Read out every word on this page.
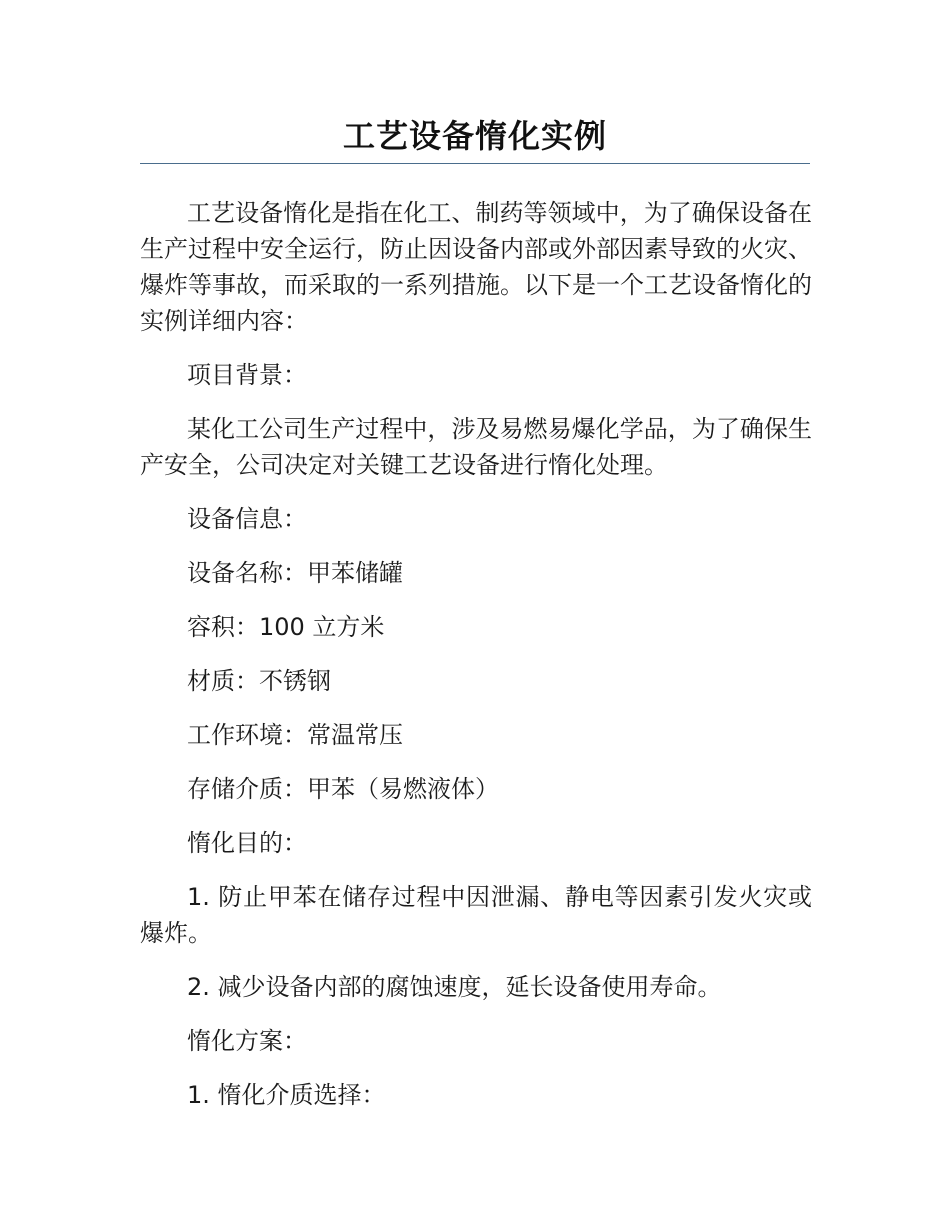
工艺设备惰化实例

工艺设备惰化是指在化工、制药等领域中，为了确保设备在生产过程中安全运行，防止因设备内部或外部因素导致的火灾、爆炸等事故，而采取的一系列措施。以下是一个工艺设备惰化的实例详细内容：

项目背景：

某化工公司生产过程中，涉及易燃易爆化学品，为了确保生产安全，公司决定对关键工艺设备进行惰化处理。

设备信息：

设备名称：甲苯储罐

容积：100 立方米

材质：不锈钢

工作环境：常温常压

存储介质：甲苯（易燃液体）

惰化目的：

1. 防止甲苯在储存过程中因泄漏、静电等因素引发火灾或爆炸。

2. 减少设备内部的腐蚀速度，延长设备使用寿命。

惰化方案：

1. 惰化介质选择：
